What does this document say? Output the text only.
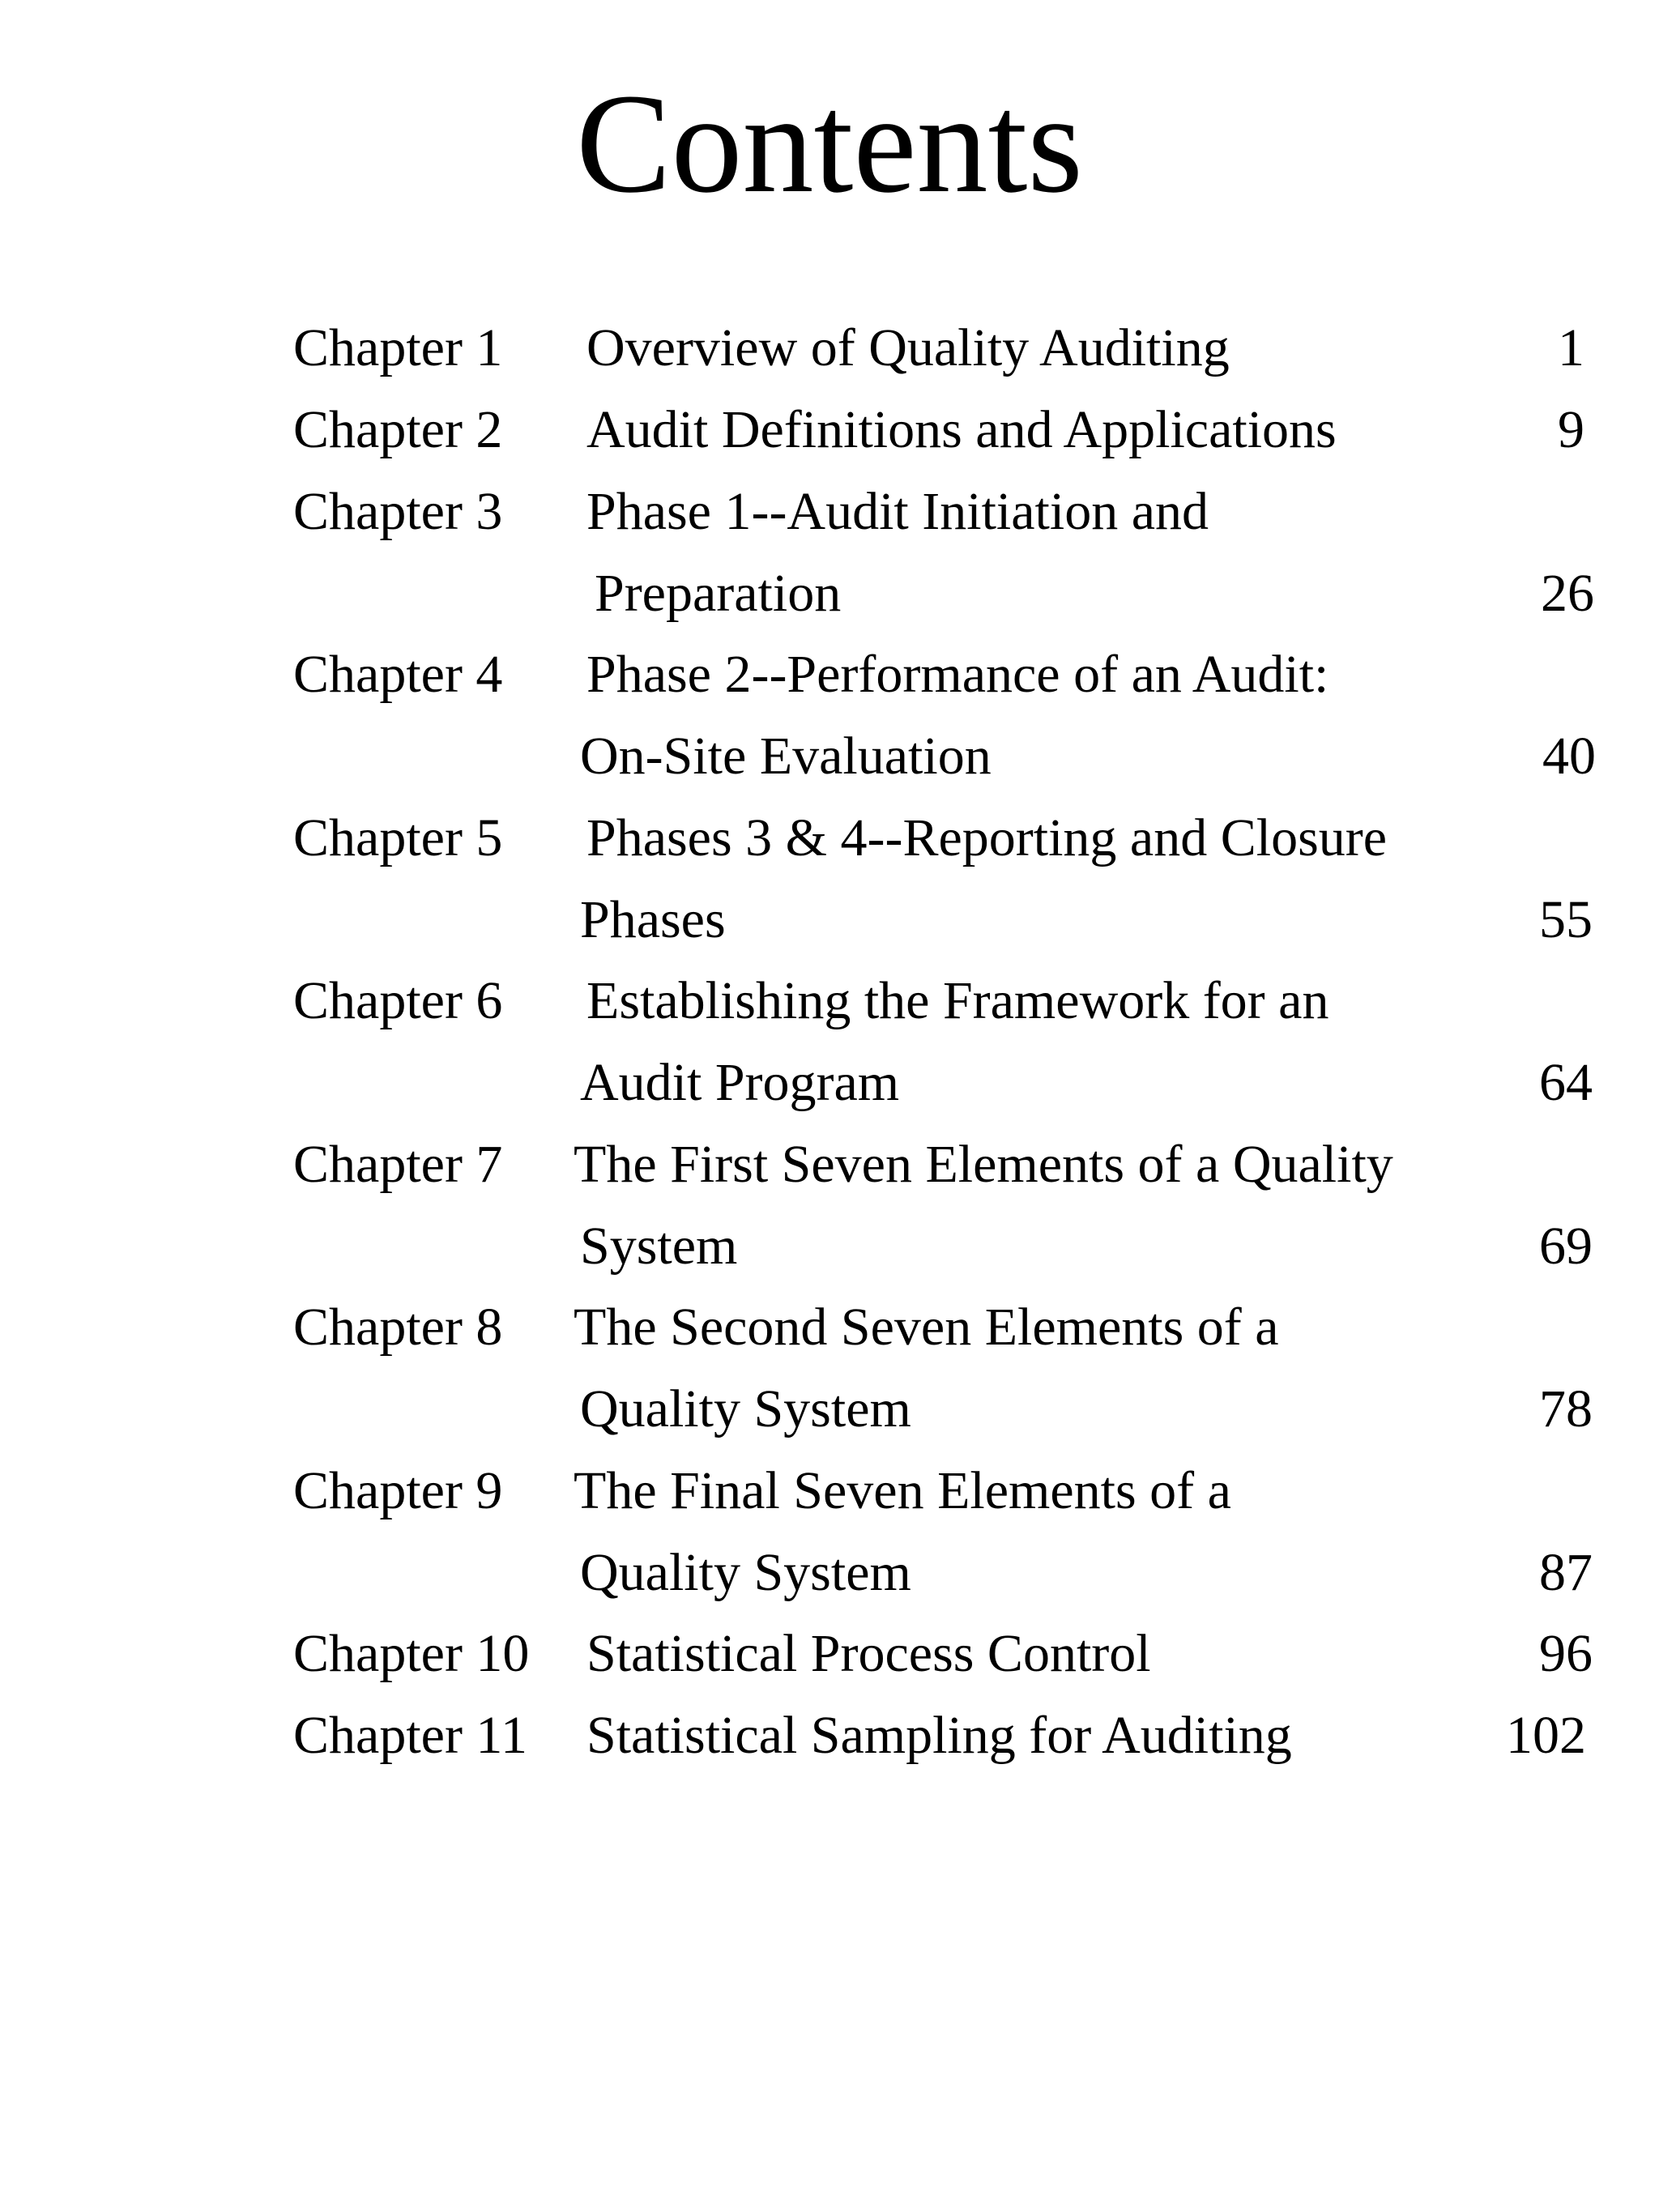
Contents
Chapter 1 Overview of Quality Auditing	1
Chapter 2 Audit Definitions and Applications	9
Chapter 3 Phase 1--Audit Initiation and
Preparation	26
Chapter 4 Phase 2--Performance of an Audit:
On-Site Evaluation	40
Chapter 5 Phases 3 & 4--Reporting and Closure
Phases	55
Chapter 6 Establishing the Framework for an
Audit Program	64
Chapter 7 The First Seven Elements of a Quality
System	69
Chapter 8 The Second Seven Elements of a
Quality System	78
Chapter 9 The Final Seven Elements of a
Quality System	87
Chapter 10 Statistical Process Control	96
Chapter 11 Statistical Sampling for Auditing	102
